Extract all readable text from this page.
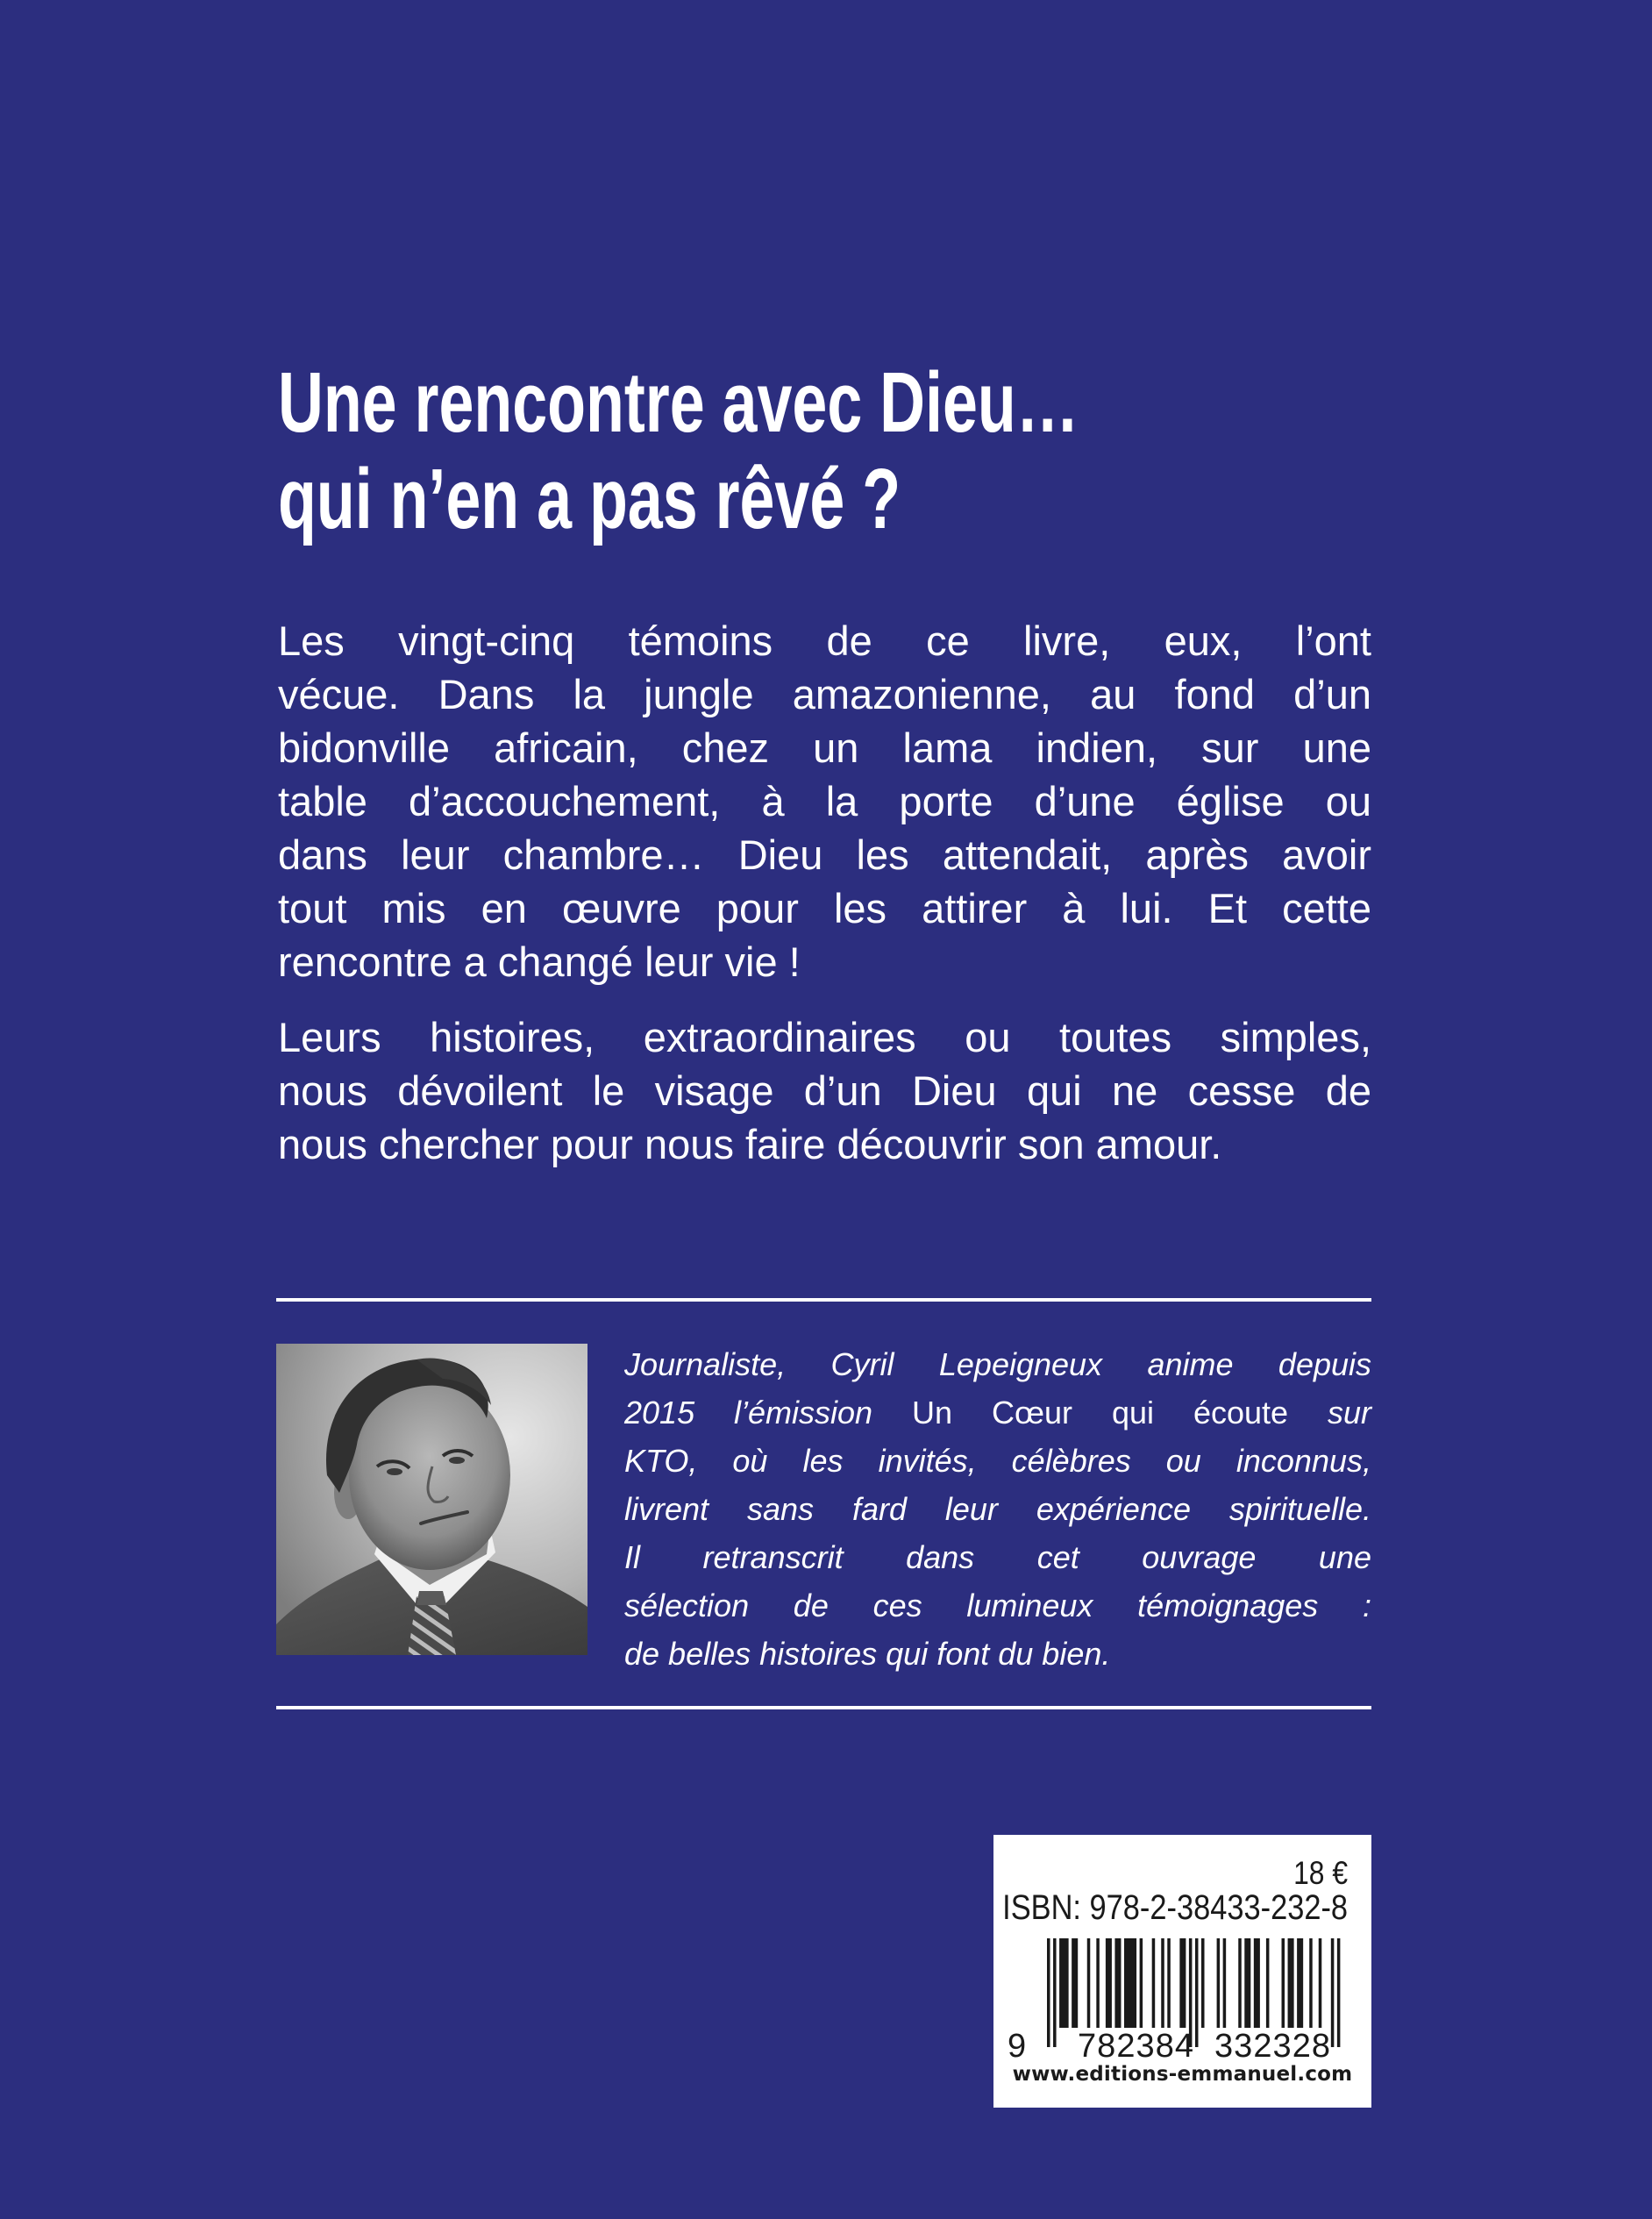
Une rencontre avec Dieu…
qui n’en a pas rêvé ?
Les vingt-cinq témoins de ce livre, eux, l’ont
vécue. Dans la jungle amazonienne, au fond d’un
bidonville africain, chez un lama indien, sur une
table d’accouchement, à la porte d’une église ou
dans leur chambre… Dieu les attendait, après avoir
tout mis en œuvre pour les attirer à lui. Et cette
rencontre a changé leur vie !
Leurs histoires, extraordinaires ou toutes simples,
nous dévoilent le visage d’un Dieu qui ne cesse de
nous chercher pour nous faire découvrir son amour.
Journaliste, Cyril Lepeigneux anime depuis
2015 l’émission Un Cœur qui écoute sur
KTO, où les invités, célèbres ou inconnus,
livrent sans fard leur expérience spirituelle.
Il retranscrit dans cet ouvrage une
sélection de ces lumineux témoignages :
de belles histoires qui font du bien.
18 €
ISBN: 978-2-38433-232-8
9 782384 332328
www.editions-emmanuel.com
